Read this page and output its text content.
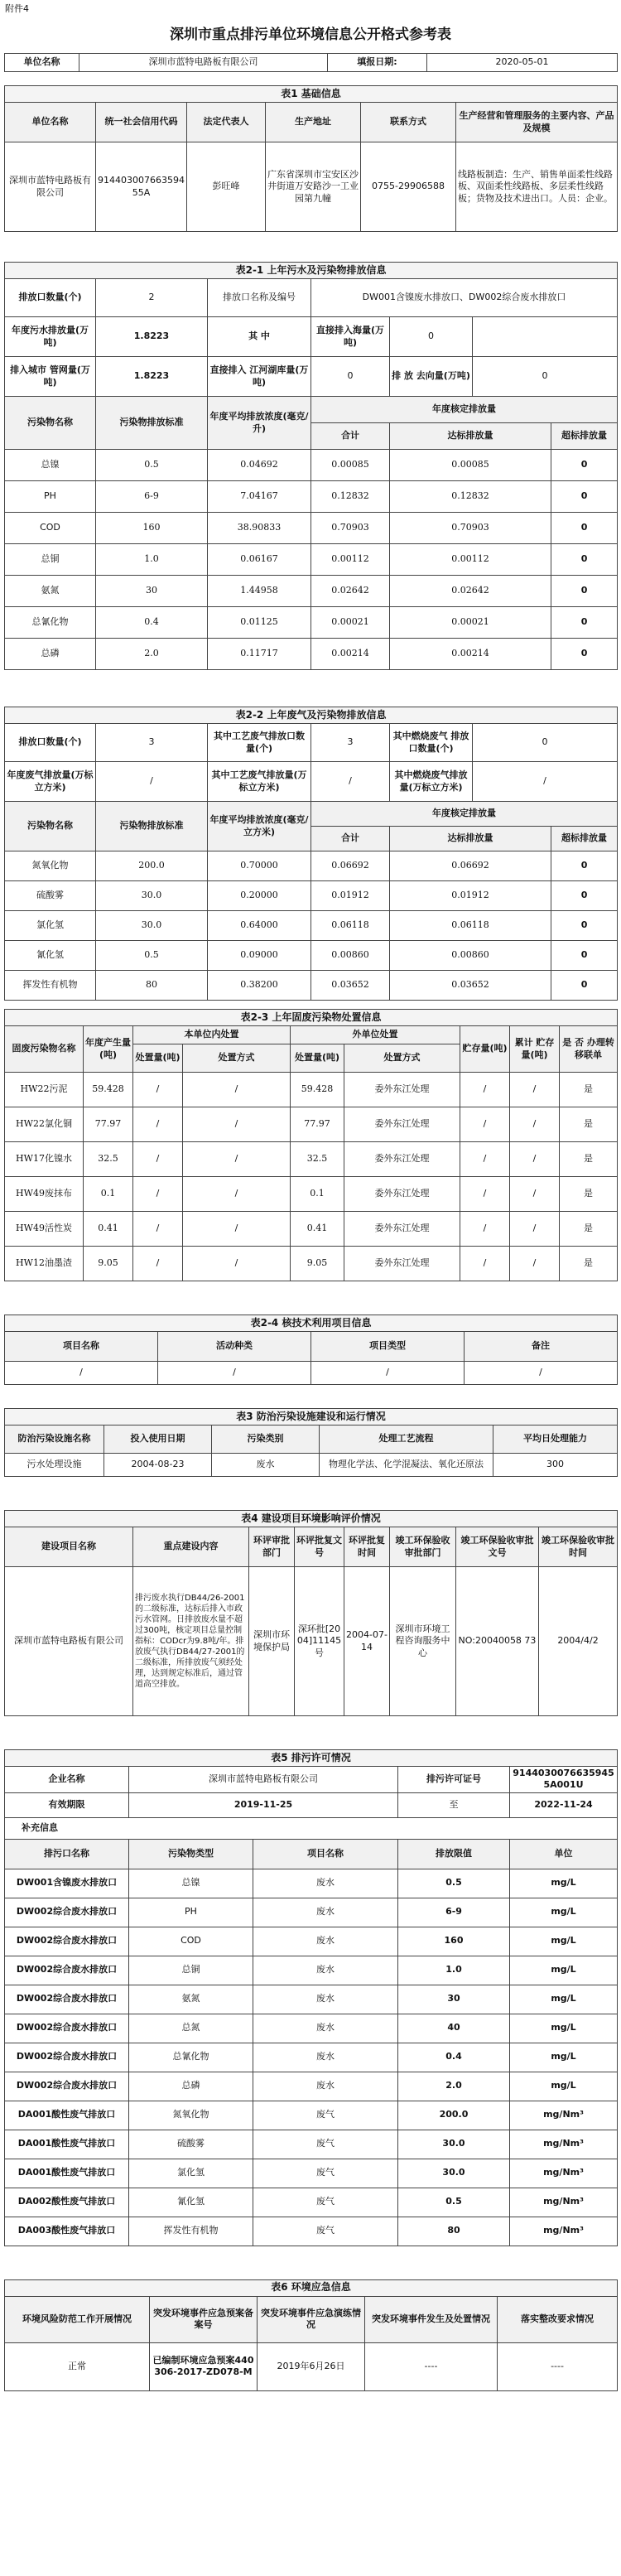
附件4
深圳市重点排污单位环境信息公开格式参考表
单位名称	深圳市蓝特电路板有限公司	填报日期:	2020-05-01
表1 基础信息					
单位名称	统一社会信用代码	法定代表人	生产地址	联系方式	生产经营和管理服务的主要内容、产品及规模
深圳市蓝特电路板有限公司	91440300766359455A	彭旺峰	广东省深圳市宝安区沙井街道万安路沙一工业园第九幢	0755-29906588	线路板制造：生产、销售单面柔性线路板、双面柔性线路板、多层柔性线路板；货物及技术进出口。人员：企业。
表2-1 上年污水及污染物排放信息						
排放口数量(个)	2	排放口名称及编号	DW001含镍废水排放口、DW002综合废水排放口			
年度污水排放量(万吨)	1.8223	其 中	直接排入海量(万吨)	0		
排入城市 管网量(万吨)	1.8223	直接排入 江河湖库量(万吨)	0	排 放 去向量(万吨)	0	
污染物名称	污染物排放标准	年度平均排放浓度(毫克/升)	年度核定排放量			
			合计	达标排放量		超标排放量
总镍	0.5	0.04692	0.00085	0.00085		0
PH	6-9	7.04167	0.12832	0.12832		0
COD	160	38.90833	0.70903	0.70903		0
总铜	1.0	0.06167	0.00112	0.00112		0
氨氮	30	1.44958	0.02642	0.02642		0
总氰化物	0.4	0.01125	0.00021	0.00021		0
总磷	2.0	0.11717	0.00214	0.00214		0
表2-2 上年废气及污染物排放信息						
排放口数量(个)	3	其中工艺废气排放口数量(个)	3	其中燃烧废气 排放口数量(个)	0	
年度废气排放量(万标立方米)	/	其中工艺废气排放量(万标立方米)	/	其中燃烧废气排放量(万标立方米)	/	
污染物名称	污染物排放标准	年度平均排放浓度(毫克/立方米)	年度核定排放量			
			合计	达标排放量		超标排放量
氮氧化物	200.0	0.70000	0.06692	0.06692		0
硫酸雾	30.0	0.20000	0.01912	0.01912		0
氯化氢	30.0	0.64000	0.06118	0.06118		0
氰化氢	0.5	0.09000	0.00860	0.00860		0
挥发性有机物	80	0.38200	0.03652	0.03652		0
表2-3 上年固废污染物处置信息								
固废污染物名称	年度产生量(吨)	本单位内处置		外单位处置		贮存量(吨)	累计 贮存量(吨)	是 否 办理转移联单
		处置量(吨)	处置方式	处置量(吨)	处置方式			
HW22污泥	59.428	/	/	59.428	委外东江处理	/	/	是
HW22氯化铜	77.97	/	/	77.97	委外东江处理	/	/	是
HW17化镍水	32.5	/	/	32.5	委外东江处理	/	/	是
HW49废抹布	0.1	/	/	0.1	委外东江处理	/	/	是
HW49活性炭	0.41	/	/	0.41	委外东江处理	/	/	是
HW12油墨渣	9.05	/	/	9.05	委外东江处理	/	/	是
表2-4 核技术利用项目信息			
项目名称	活动种类	项目类型	备注
/	/	/	/
表3 防治污染设施建设和运行情况				
防治污染设施名称	投入使用日期	污染类别	处理工艺流程	平均日处理能力
污水处理设施	2004-08-23	废水	物理化学法、化学混凝法、氧化还原法	300
表4 建设项目环境影响评价情况							
建设项目名称	重点建设内容	环评审批部门	环评批复文号	环评批复时间	竣工环保验收审批部门	竣工环保验收审批文号	竣工环保验收审批时间
深圳市蓝特电路板有限公司	排污废水执行DB44/26-2001的二级标准，达标后排入市政污水管网。日排放废水量不超过300吨，核定项目总量控制指标：CODcr为9.8吨/年。排放废气执行DB44/27-2001的二级标准，所排放废气须经处理，达到规定标准后，通过管道高空排放。	深圳市环境保护局	深环批[2004]11145号	2004-07-14	深圳市环境工程咨询服务中心	NO:20040058 73	2004/4/2
表5 排污许可情况				
企业名称	深圳市蓝特电路板有限公司		排污许可证号	91440300766359455A001U
有效期限	2019-11-25		至	2022-11-24
补充信息				
排污口名称	污染物类型	项目名称	排放限值	单位
DW001含镍废水排放口	总镍	废水	0.5	mg/L
DW002综合废水排放口	PH	废水	6-9	mg/L
DW002综合废水排放口	COD	废水	160	mg/L
DW002综合废水排放口	总铜	废水	1.0	mg/L
DW002综合废水排放口	氨氮	废水	30	mg/L
DW002综合废水排放口	总氮	废水	40	mg/L
DW002综合废水排放口	总氰化物	废水	0.4	mg/L
DW002综合废水排放口	总磷	废水	2.0	mg/L
DA001酸性废气排放口	氮氧化物	废气	200.0	mg/Nm³
DA001酸性废气排放口	硫酸雾	废气	30.0	mg/Nm³
DA001酸性废气排放口	氯化氢	废气	30.0	mg/Nm³
DA002酸性废气排放口	氰化氢	废气	0.5	mg/Nm³
DA003酸性废气排放口	挥发性有机物	废气	80	mg/Nm³
表6 环境应急信息				
环境风险防范工作开展情况	突发环境事件应急预案备案号	突发环境事件应急演练情况	突发环境事件发生及处置情况	落实整改要求情况
正常	已编制环境应急预案440306-2017-ZD078-M	2019年6月26日	----	----
